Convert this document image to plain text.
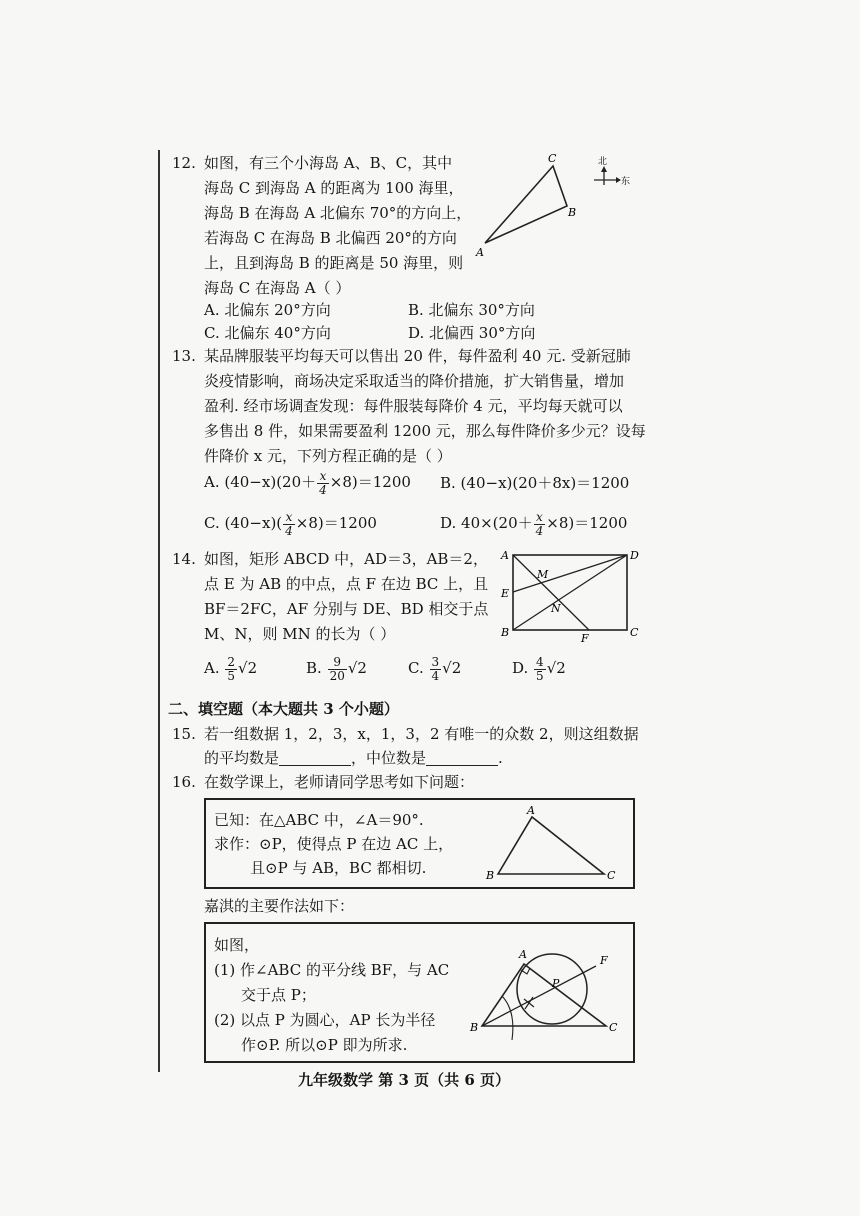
12. 如图，有三个小海岛 A、B、C，其中
海岛 C 到海岛 A 的距离为 100 海里，
海岛 B 在海岛 A 北偏东 70°的方向上，
若海岛 C 在海岛 B 北偏西 20°的方向
上，且到海岛 B 的距离是 50 海里，则
海岛 C 在海岛 A（ ）
A. 北偏东 20°方向	B. 北偏东 30°方向
C. 北偏东 40°方向	D. 北偏西 30°方向
A
C
B
北
东
13. 某品牌服装平均每天可以售出 20 件，每件盈利 40 元. 受新冠肺
炎疫情影响，商场决定采取适当的降价措施，扩大销售量，增加
盈利. 经市场调查发现：每件服装每降价 4 元，平均每天就可以
多售出 8 件，如果需要盈利 1200 元，那么每件降价多少元？设每
件降价 x 元，下列方程正确的是（ ）
A. $(40-x)(20+ \frac{x}{4} \times 8)=1200$ B. (40−x)(20＋8x)＝1200
C. $(40-x)( \frac{x}{4} \times 8)=1200$	D. $40\times(20+ \frac{x}{4} \times 8)=1200$
14. 如图，矩形 ABCD 中，AD＝3，AB＝2，
点 E 为 AB 的中点，点 F 在边 BC 上，且
BF＝2FC，AF 分别与 DE、BD 相交于点
M、N，则 MN 的长为（ ）
A	D
E
B	C
F
M
N
A. $\frac{2}{5} √2$	B. $\frac{9}{20} √2$	C. $\frac{3}{4} √2$	D. $\frac{4}{5} √2$
二、填空题（本大题共 3 个小题）
15. 若一组数据 1，2，3，x，1，3，2 有唯一的众数 2，则这组数据
的平均数是	，中位数是	.
16. 在数学课上，老师请同学思考如下问题：
已知：在△ABC 中，∠A＝90°.
求作：⊙P，使得点 P 在边 AC 上，
且⊙P 与 AB，BC 都相切.
A
B	C
嘉淇的主要作法如下：
如图，
(1) 作∠ABC 的平分线 BF，与 AC
交于点 P；
(2) 以点 P 为圆心，AP 长为半径
作⊙P. 所以⊙P 即为所求.
A
B	C
P
F
九年级数学 第 3 页（共 6 页）
